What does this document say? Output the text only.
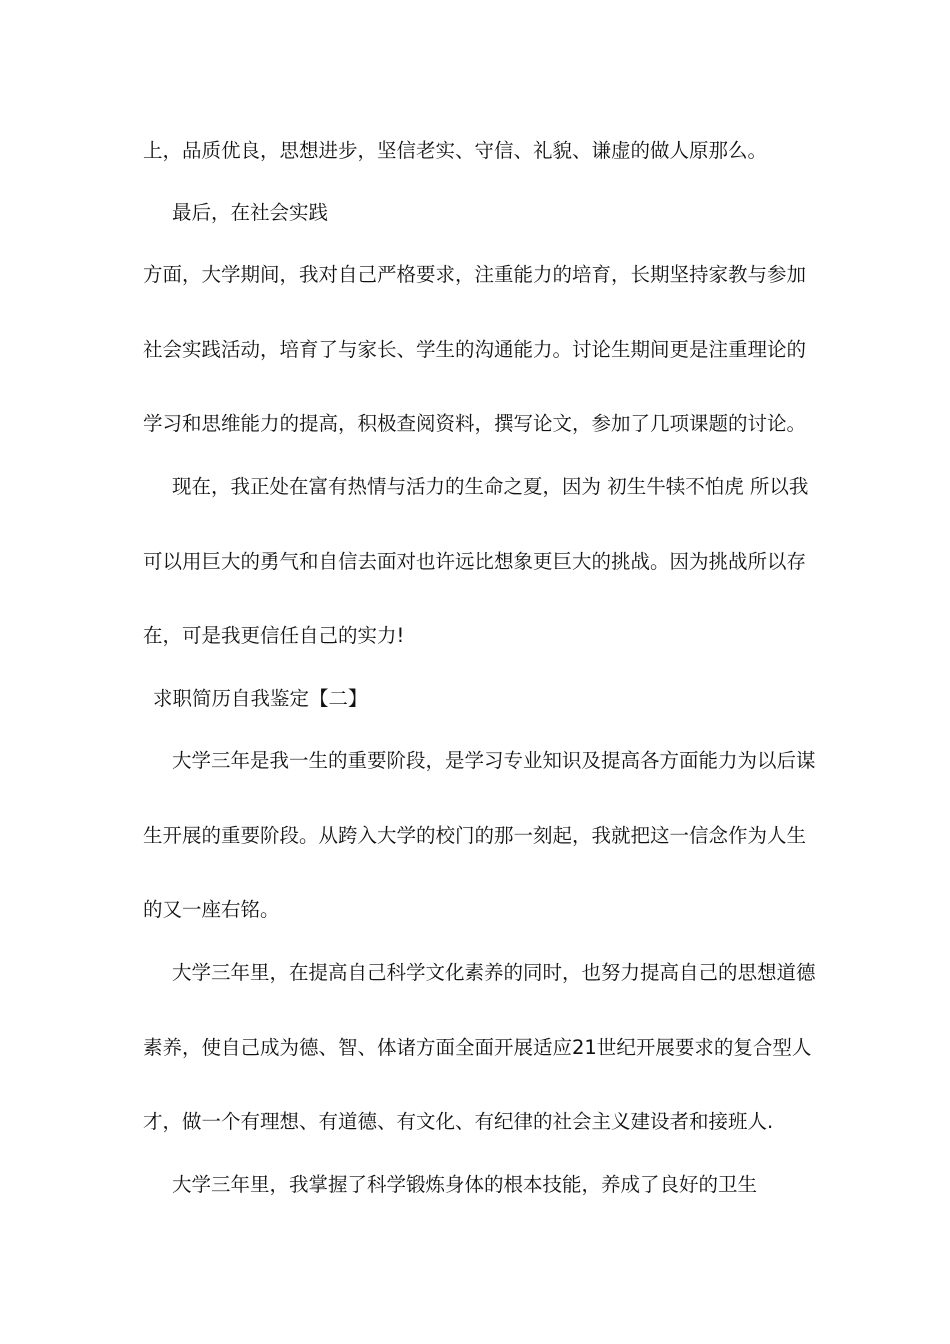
上，品质优良，思想进步，坚信老实、守信、礼貌、谦虚的做人原那么。
最后，在社会实践
方面，大学期间，我对自己严格要求，注重能力的培育，长期坚持家教与参加
社会实践活动，培育了与家长、学生的沟通能力。讨论生期间更是注重理论的
学习和思维能力的提高，积极查阅资料，撰写论文，参加了几项课题的讨论。
现在，我正处在富有热情与活力的生命之夏，因为 初生牛犊不怕虎 所以我
可以用巨大的勇气和自信去面对也许远比想象更巨大的挑战。因为挑战所以存
在，可是我更信任自己的实力!
求职简历自我鉴定【二】
大学三年是我一生的重要阶段，是学习专业知识及提高各方面能力为以后谋
生开展的重要阶段。从跨入大学的校门的那一刻起，我就把这一信念作为人生
的又一座右铭。
大学三年里，在提高自己科学文化素养的同时，也努力提高自己的思想道德
素养，使自己成为德、智、体诸方面全面开展适应21世纪开展要求的复合型人
才，做一个有理想、有道德、有文化、有纪律的社会主义建设者和接班人.
大学三年里，我掌握了科学锻炼身体的根本技能，养成了良好的卫生
